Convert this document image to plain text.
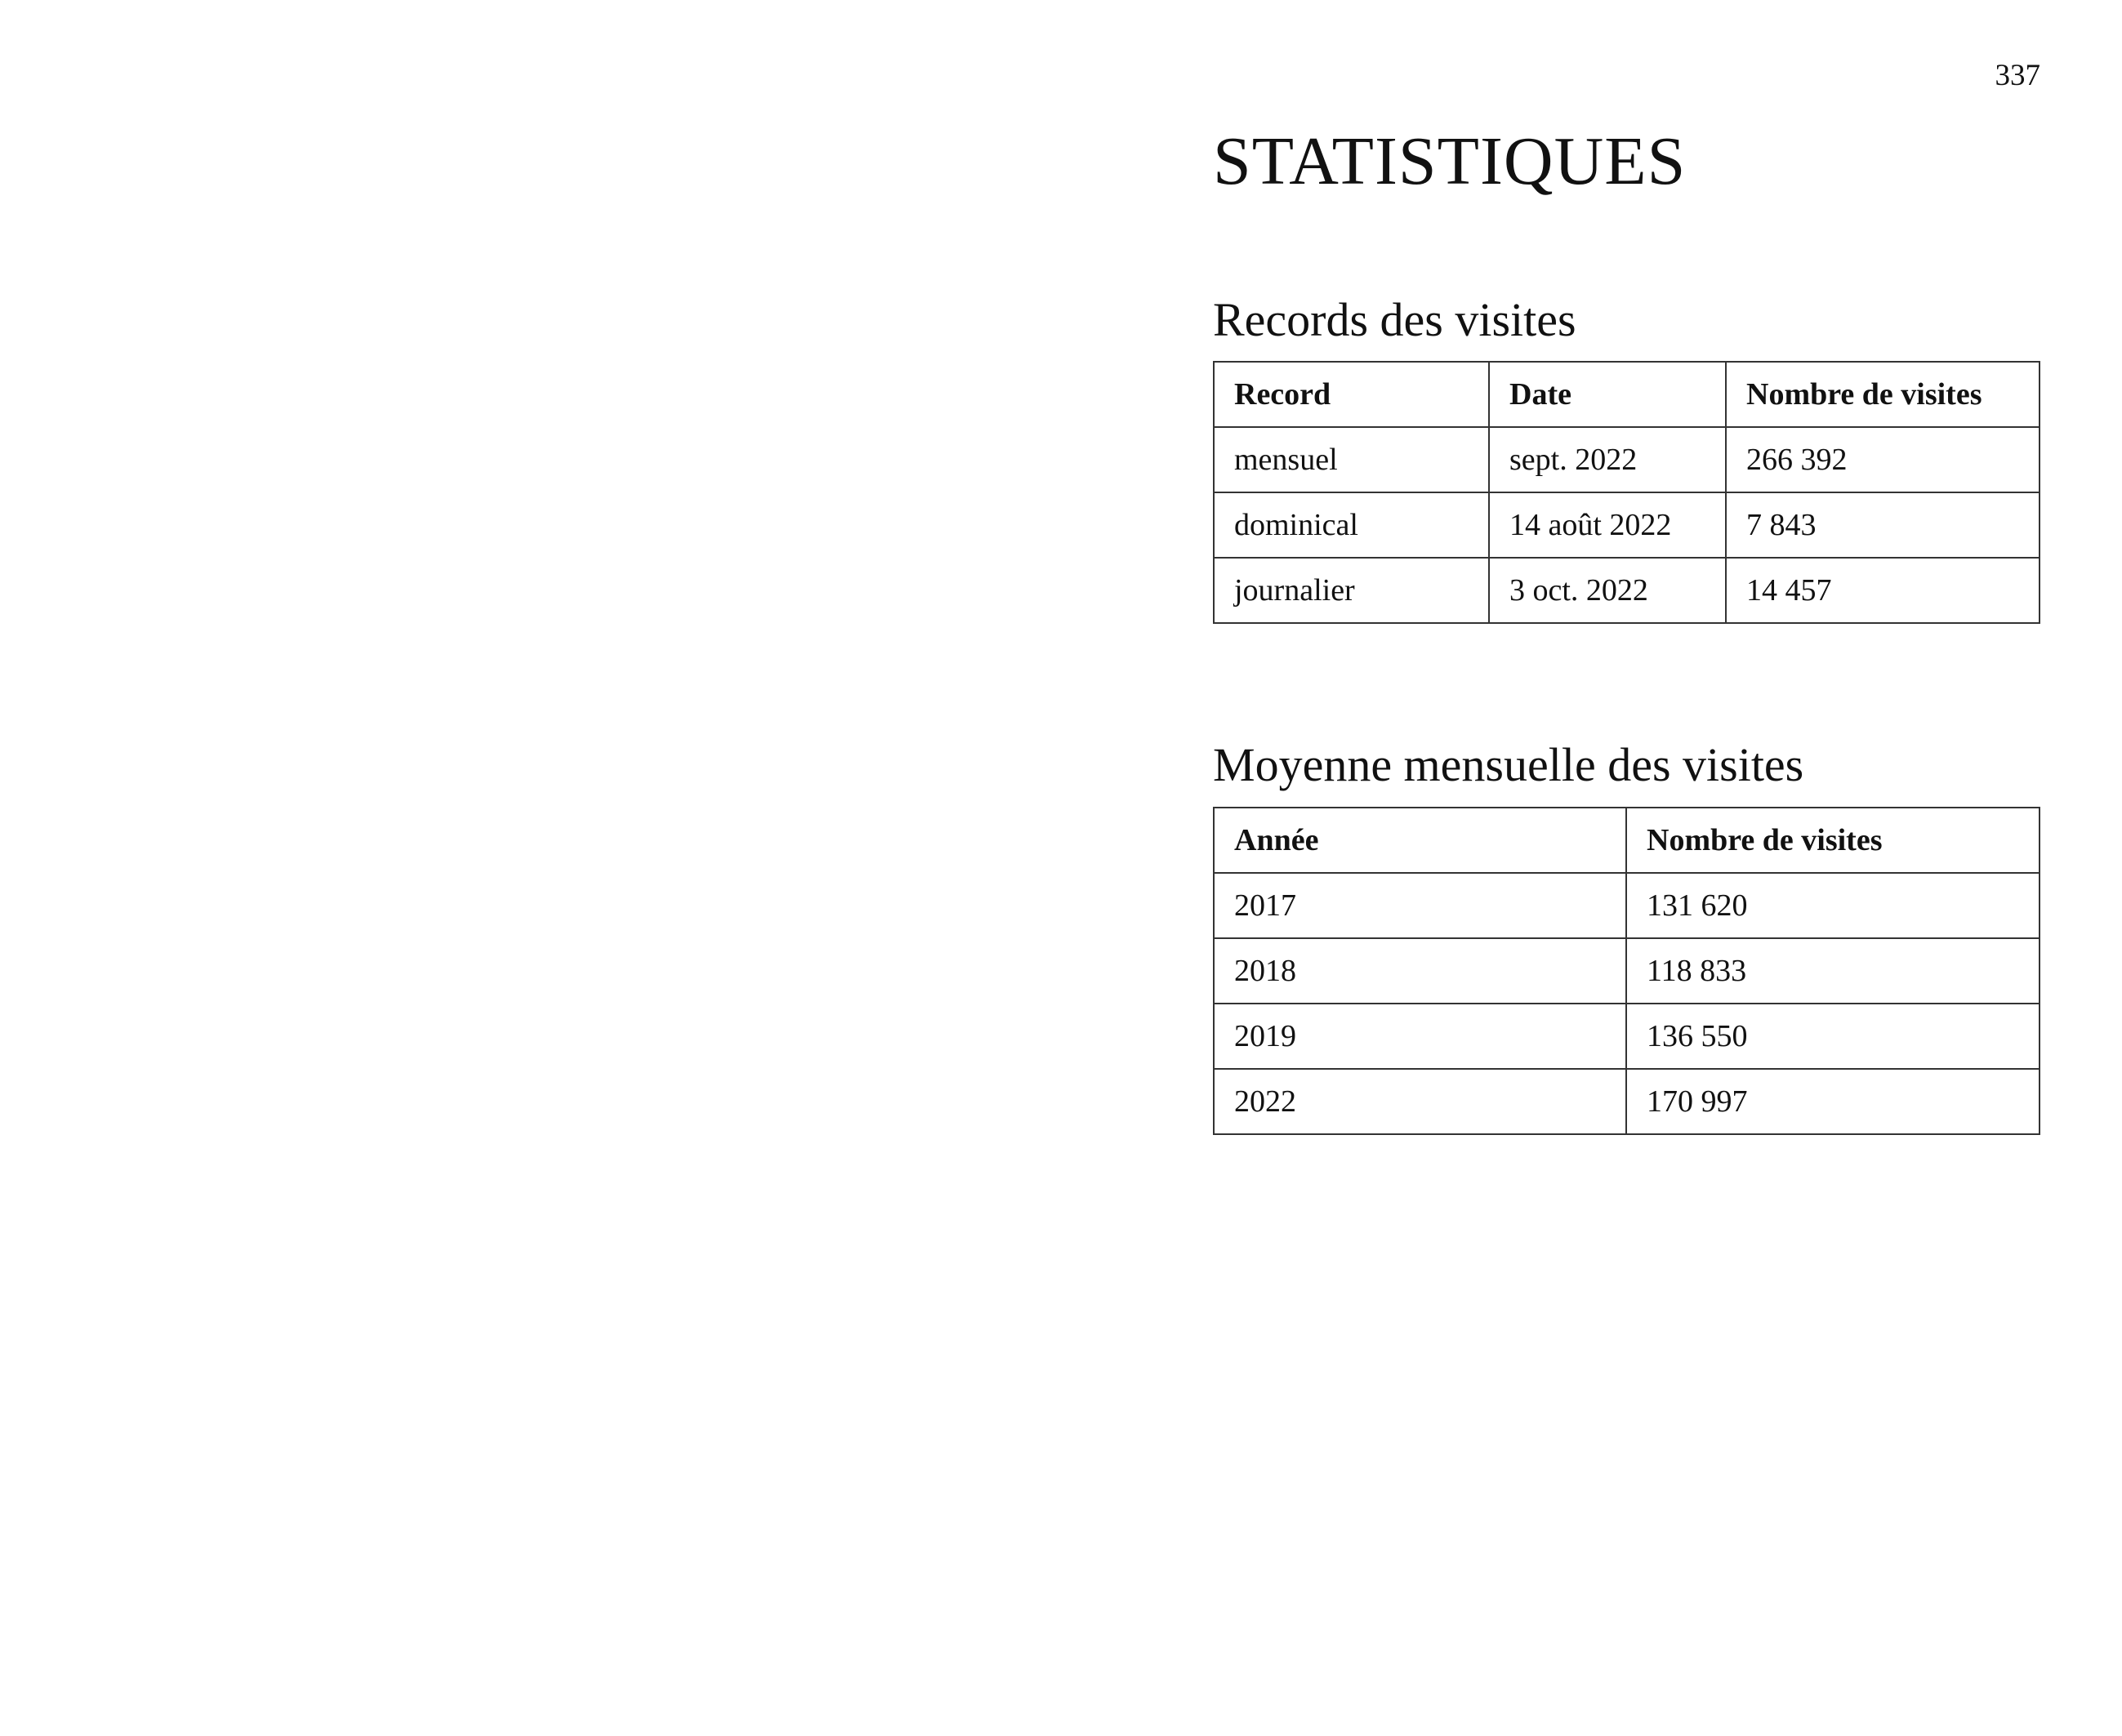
337
STATISTIQUES
Records des visites
Record	Date	Nombre de visites
mensuel	sept. 2022	266 392
dominical	14 août 2022	7 843
journalier	3 oct. 2022	14 457
Moyenne mensuelle des visites
Année	Nombre de visites
2017	131 620
2018	118 833
2019	136 550
2022	170 997
